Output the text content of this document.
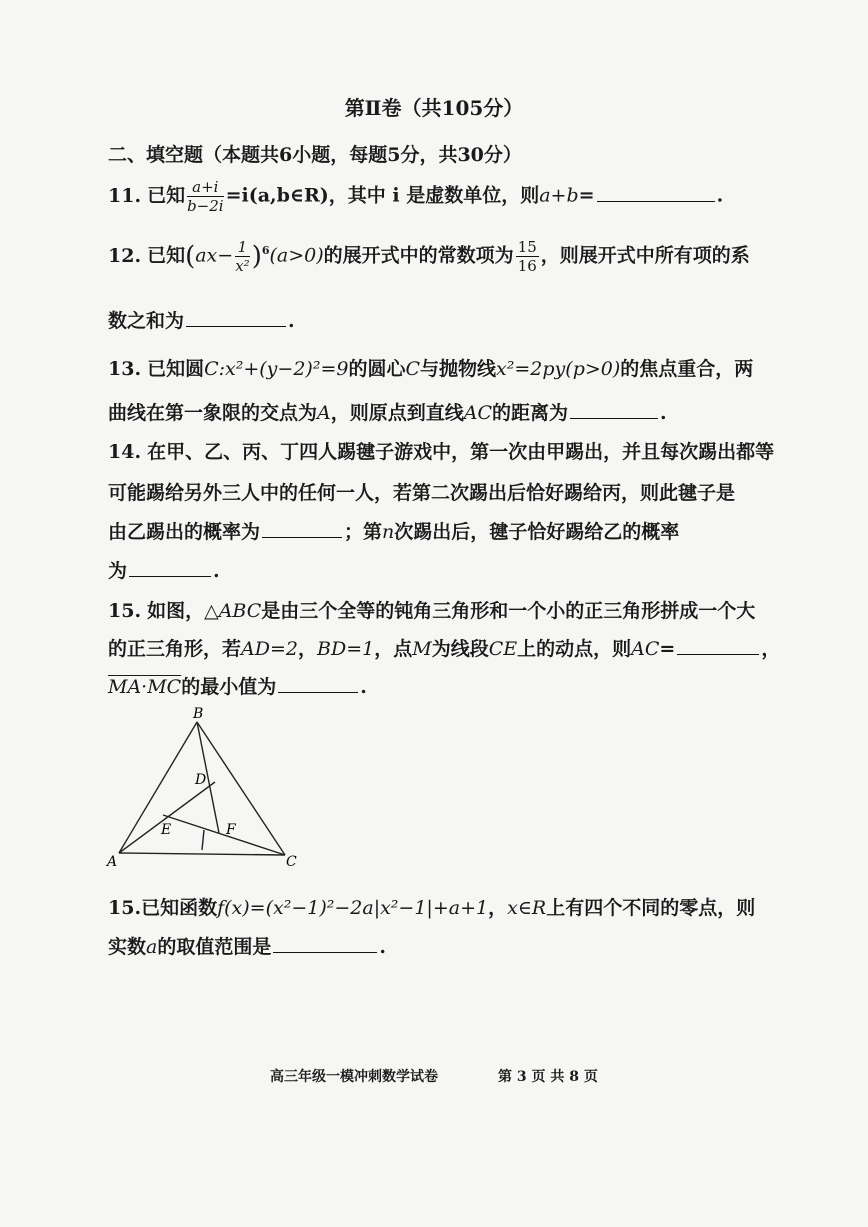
第Ⅱ卷（共105分）
二、填空题（本题共6小题，每题5分，共30分）
11. 已知 $\frac{a+i}{b-2i}$ =i(a,b∈R)，其中 i 是虚数单位，则a+b=	.
12. 已知$(ax- \frac{1}{\text{x²}} )^6(a>0)$的展开式中的常数项为 $\frac{15}{16}$ ，则展开式中所有项的系
数之和为	.
13. 已知圆C:x²+(y−2)²=9的圆心C与抛物线x²=2py(p>0)的焦点重合，两
曲线在第一象限的交点为A，则原点到直线AC的距离为	.
14. 在甲、乙、丙、丁四人踢毽子游戏中，第一次由甲踢出，并且每次踢出都等
可能踢给另外三人中的任何一人，若第二次踢出后恰好踢给丙，则此毽子是
由乙踢出的概率为	；第n次踢出后，毽子恰好踢给乙的概率
为	.
15. 如图，△ABC是由三个全等的钝角三角形和一个小的正三角形拼成一个大
的正三角形，若AD=2，BD=1，点M为线段CE上的动点，则AC=	，
MA·MC的最小值为	.
B
D
E	F
A	C
15.已知函数f(x)=(x²−1)²−2a|x²−1|+a+1，x∈R上有四个不同的零点，则
实数a的取值范围是	.
高三年级一模冲刺数学试卷	第 3 页 共 8 页
